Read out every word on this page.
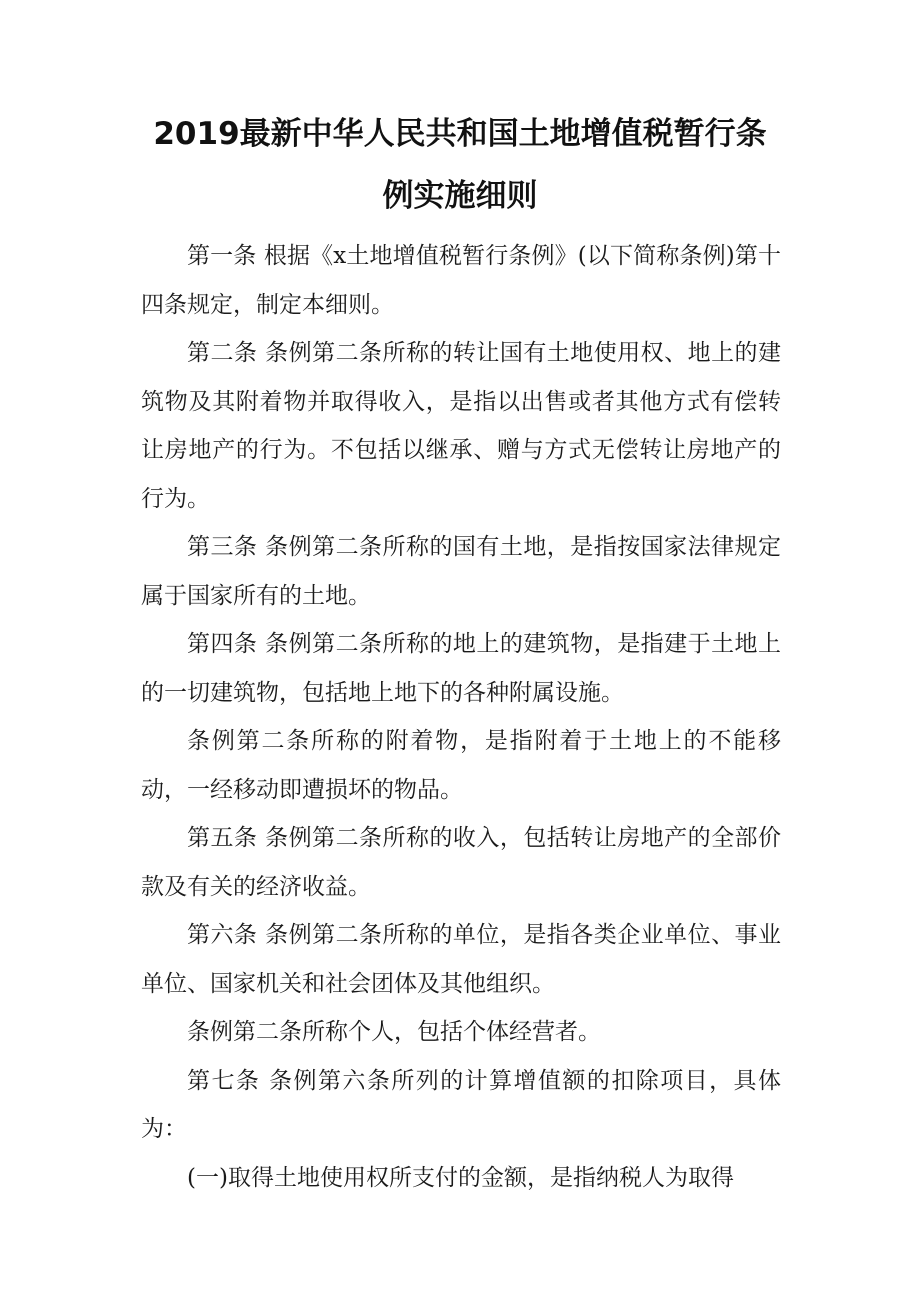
2019最新中华人民共和国土地增值税暂行条
例实施细则

第一条 根据《x土地增值税暂行条例》(以下简称条例)第十四条规定，制定本细则。

第二条 条例第二条所称的转让国有土地使用权、地上的建筑物及其附着物并取得收入，是指以出售或者其他方式有偿转让房地产的行为。不包括以继承、赠与方式无偿转让房地产的行为。

第三条 条例第二条所称的国有土地，是指按国家法律规定属于国家所有的土地。

第四条 条例第二条所称的地上的建筑物，是指建于土地上的一切建筑物，包括地上地下的各种附属设施。

条例第二条所称的附着物，是指附着于土地上的不能移动，一经移动即遭损坏的物品。

第五条 条例第二条所称的收入，包括转让房地产的全部价款及有关的经济收益。

第六条 条例第二条所称的单位，是指各类企业单位、事业单位、国家机关和社会团体及其他组织。

条例第二条所称个人，包括个体经营者。

第七条 条例第六条所列的计算增值额的扣除项目，具体为：

(一)取得土地使用权所支付的金额，是指纳税人为取得
